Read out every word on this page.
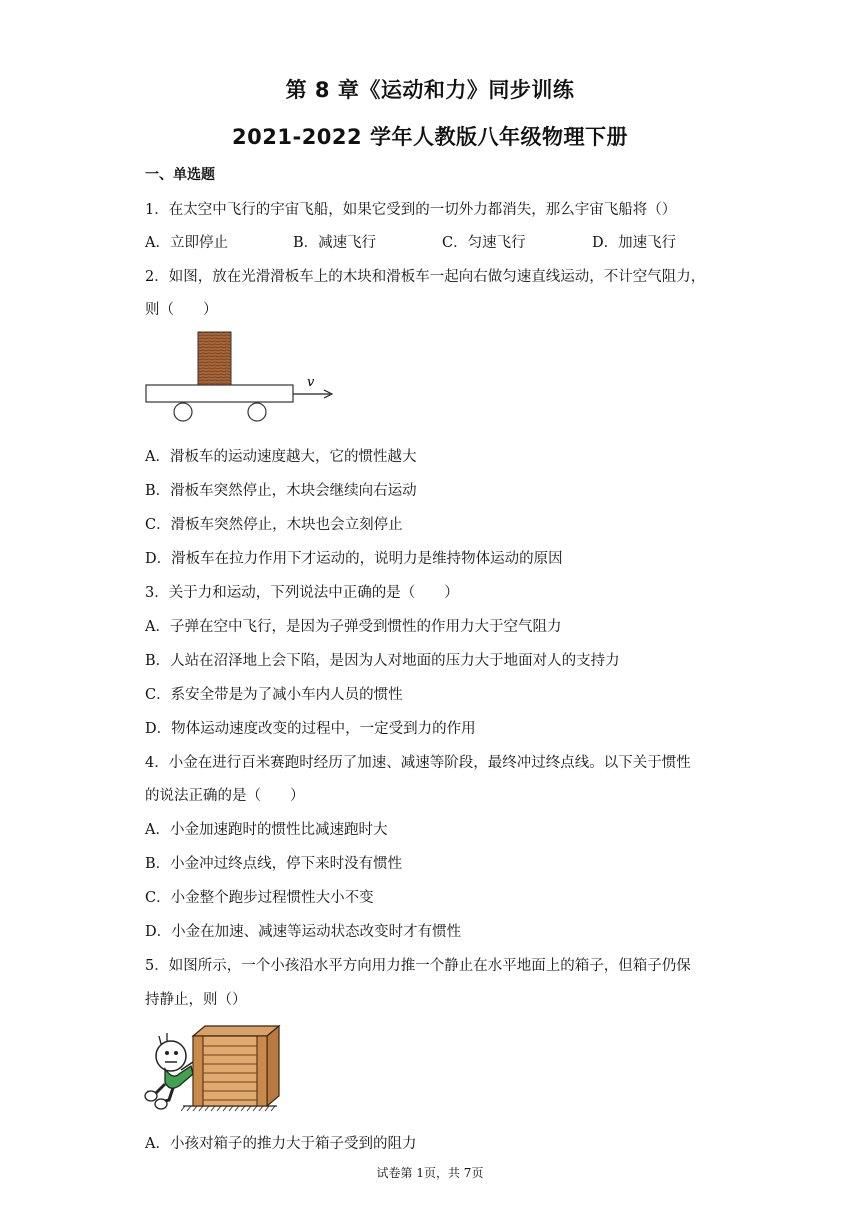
第 8 章《运动和力》同步训练
2021-2022 学年人教版八年级物理下册
一、单选题
1．在太空中飞行的宇宙飞船，如果它受到的一切外力都消失，那么宇宙飞船将（）
A．立即停止	B．减速飞行	C．匀速飞行	D．加速飞行
2．如图，放在光滑滑板车上的木块和滑板车一起向右做匀速直线运动，不计空气阻力，
则（　　）
v
A．滑板车的运动速度越大，它的惯性越大
B．滑板车突然停止，木块会继续向右运动
C．滑板车突然停止，木块也会立刻停止
D．滑板车在拉力作用下才运动的，说明力是维持物体运动的原因
3．关于力和运动，下列说法中正确的是（　　）
A．子弹在空中飞行，是因为子弹受到惯性的作用力大于空气阻力
B．人站在沼泽地上会下陷，是因为人对地面的压力大于地面对人的支持力
C．系安全带是为了减小车内人员的惯性
D．物体运动速度改变的过程中，一定受到力的作用
4．小金在进行百米赛跑时经历了加速、减速等阶段，最终冲过终点线。以下关于惯性
的说法正确的是（　　）
A．小金加速跑时的惯性比减速跑时大
B．小金冲过终点线，停下来时没有惯性
C．小金整个跑步过程惯性大小不变
D．小金在加速、减速等运动状态改变时才有惯性
5．如图所示，一个小孩沿水平方向用力推一个静止在水平地面上的箱子，但箱子仍保
持静止，则（）
A．小孩对箱子的推力大于箱子受到的阻力
试卷第 1页，共 7页
